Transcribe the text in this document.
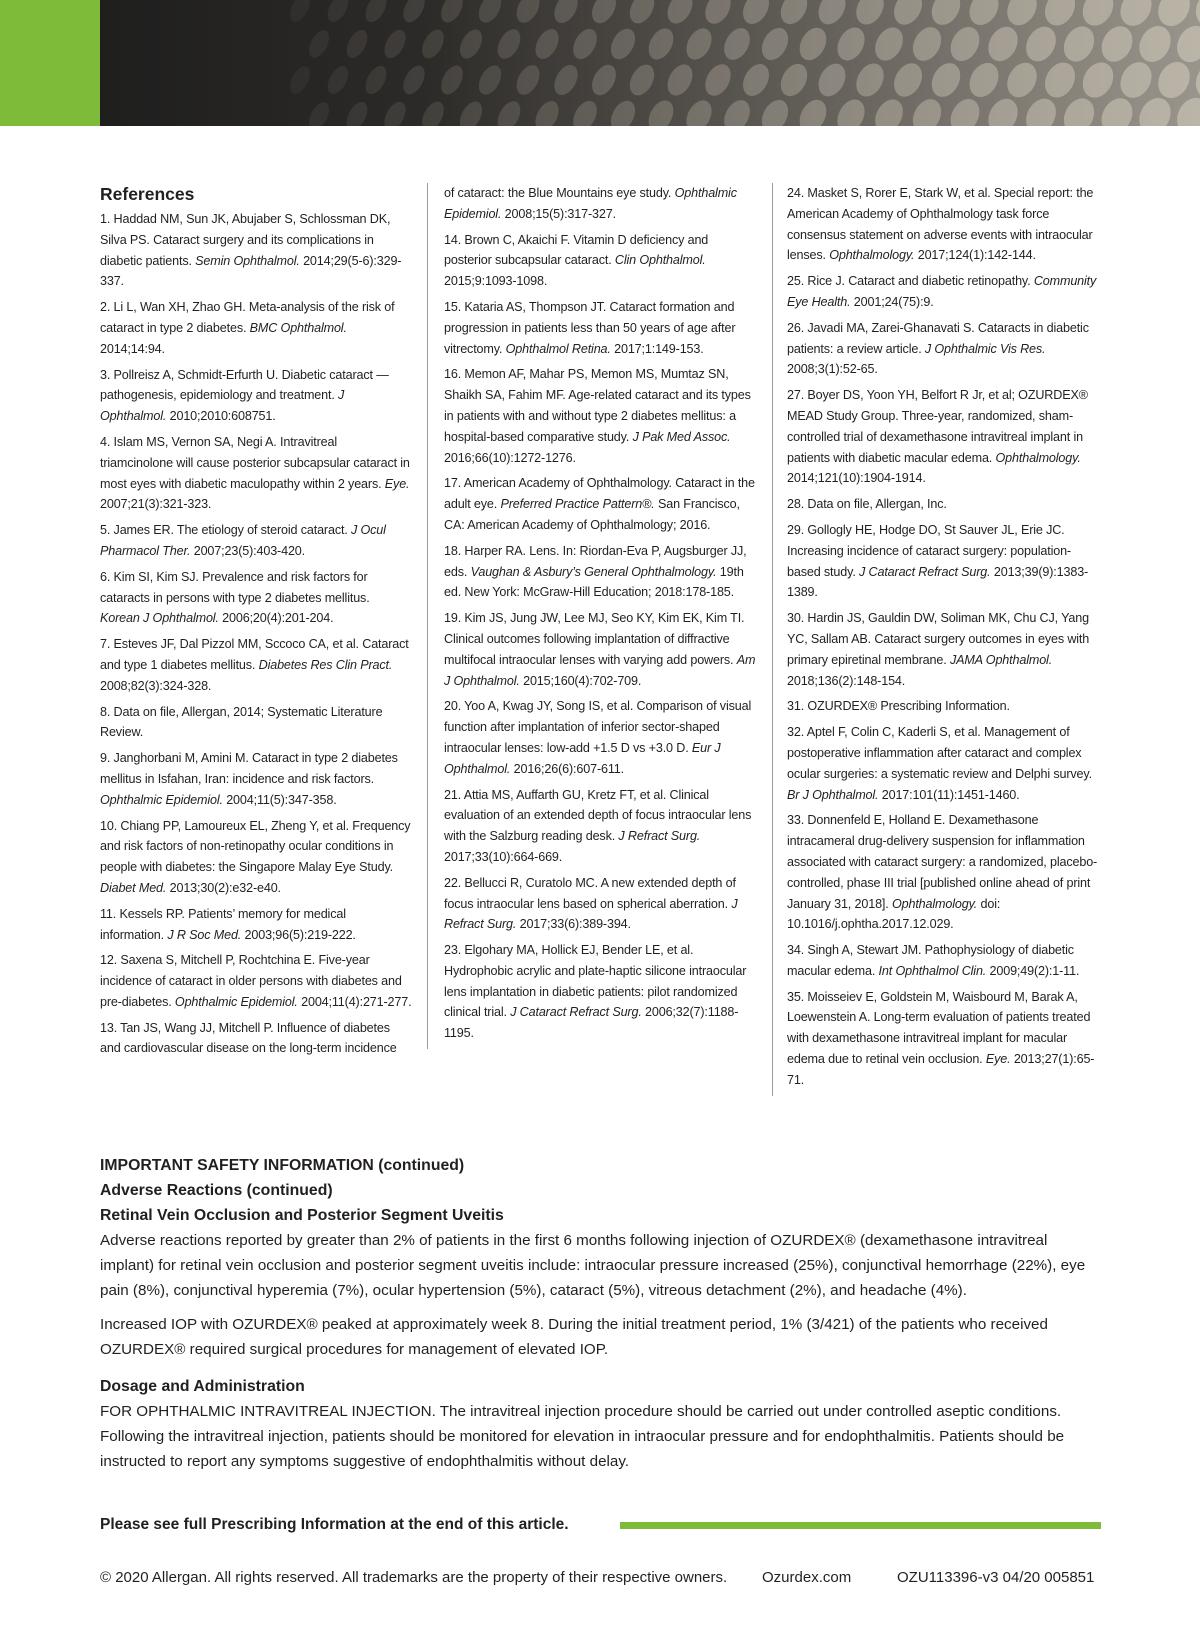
References

1. Haddad NM, Sun JK, Abujaber S, Schlossman DK, Silva PS. Cataract surgery and its complications in diabetic patients. Semin Ophthalmol. 2014;29(5-6):329-337.

2. Li L, Wan XH, Zhao GH. Meta-analysis of the risk of cataract in type 2 diabetes. BMC Ophthalmol. 2014;14:94.

3. Pollreisz A, Schmidt-Erfurth U. Diabetic cataract — pathogenesis, epidemiology and treatment. J Ophthalmol. 2010;2010:608751.

4. Islam MS, Vernon SA, Negi A. Intravitreal triamcinolone will cause posterior subcapsular cataract in most eyes with diabetic maculopathy within 2 years. Eye. 2007;21(3):321-323.

5. James ER. The etiology of steroid cataract. J Ocul Pharmacol Ther. 2007;23(5):403-420.

6. Kim SI, Kim SJ. Prevalence and risk factors for cataracts in persons with type 2 diabetes mellitus. Korean J Ophthalmol. 2006;20(4):201-204.

7. Esteves JF, Dal Pizzol MM, Sccoco CA, et al. Cataract and type 1 diabetes mellitus. Diabetes Res Clin Pract. 2008;82(3):324-328.

8. Data on file, Allergan, 2014; Systematic Literature Review.

9. Janghorbani M, Amini M. Cataract in type 2 diabetes mellitus in Isfahan, Iran: incidence and risk factors. Ophthalmic Epidemiol. 2004;11(5):347-358.

10. Chiang PP, Lamoureux EL, Zheng Y, et al. Frequency and risk factors of non-retinopathy ocular conditions in people with diabetes: the Singapore Malay Eye Study. Diabet Med. 2013;30(2):e32-e40.

11. Kessels RP. Patients’ memory for medical information. J R Soc Med. 2003;96(5):219-222.

12. Saxena S, Mitchell P, Rochtchina E. Five-year incidence of cataract in older persons with diabetes and pre-diabetes. Ophthalmic Epidemiol. 2004;11(4):271-277.

13. Tan JS, Wang JJ, Mitchell P. Influence of diabetes and cardiovascular disease on the long-term incidence

of cataract: the Blue Mountains eye study. Ophthalmic Epidemiol. 2008;15(5):317-327.

14. Brown C, Akaichi F. Vitamin D deficiency and posterior subcapsular cataract. Clin Ophthalmol. 2015;9:1093-1098.

15. Kataria AS, Thompson JT. Cataract formation and progression in patients less than 50 years of age after vitrectomy. Ophthalmol Retina. 2017;1:149-153.

16. Memon AF, Mahar PS, Memon MS, Mumtaz SN, Shaikh SA, Fahim MF. Age-related cataract and its types in patients with and without type 2 diabetes mellitus: a hospital-based comparative study. J Pak Med Assoc. 2016;66(10):1272-1276.

17. American Academy of Ophthalmology. Cataract in the adult eye. Preferred Practice Pattern®. San Francisco, CA: American Academy of Ophthalmology; 2016.

18. Harper RA. Lens. In: Riordan-Eva P, Augsburger JJ, eds. Vaughan & Asbury’s General Ophthalmology. 19th ed. New York: McGraw-Hill Education; 2018:178-185.

19. Kim JS, Jung JW, Lee MJ, Seo KY, Kim EK, Kim TI. Clinical outcomes following implantation of diffractive multifocal intraocular lenses with varying add powers. Am J Ophthalmol. 2015;160(4):702-709.

20. Yoo A, Kwag JY, Song IS, et al. Comparison of visual function after implantation of inferior sector-shaped intraocular lenses: low-add +1.5 D vs +3.0 D. Eur J Ophthalmol. 2016;26(6):607-611.

21. Attia MS, Auffarth GU, Kretz FT, et al. Clinical evaluation of an extended depth of focus intraocular lens with the Salzburg reading desk. J Refract Surg. 2017;33(10):664-669.

22. Bellucci R, Curatolo MC. A new extended depth of focus intraocular lens based on spherical aberration. J Refract Surg. 2017;33(6):389-394.

23. Elgohary MA, Hollick EJ, Bender LE, et al. Hydrophobic acrylic and plate-haptic silicone intraocular lens implantation in diabetic patients: pilot randomized clinical trial. J Cataract Refract Surg. 2006;32(7):1188-1195.

24. Masket S, Rorer E, Stark W, et al. Special report: the American Academy of Ophthalmology task force consensus statement on adverse events with intraocular lenses. Ophthalmology. 2017;124(1):142-144.

25. Rice J. Cataract and diabetic retinopathy. Community Eye Health. 2001;24(75):9.

26. Javadi MA, Zarei-Ghanavati S. Cataracts in diabetic patients: a review article. J Ophthalmic Vis Res. 2008;3(1):52-65.

27. Boyer DS, Yoon YH, Belfort R Jr, et al; OZURDEX® MEAD Study Group. Three-year, randomized, sham-controlled trial of dexamethasone intravitreal implant in patients with diabetic macular edema. Ophthalmology. 2014;121(10):1904-1914.

28. Data on file, Allergan, Inc.

29. Gollogly HE, Hodge DO, St Sauver JL, Erie JC. Increasing incidence of cataract surgery: population-based study. J Cataract Refract Surg. 2013;39(9):1383-1389.

30. Hardin JS, Gauldin DW, Soliman MK, Chu CJ, Yang YC, Sallam AB. Cataract surgery outcomes in eyes with primary epiretinal membrane. JAMA Ophthalmol. 2018;136(2):148-154.

31. OZURDEX® Prescribing Information.

32. Aptel F, Colin C, Kaderli S, et al. Management of postoperative inflammation after cataract and complex ocular surgeries: a systematic review and Delphi survey. Br J Ophthalmol. 2017:101(11):1451-1460.

33. Donnenfeld E, Holland E. Dexamethasone intracameral drug-delivery suspension for inflammation associated with cataract surgery: a randomized, placebo-controlled, phase III trial [published online ahead of print January 31, 2018]. Ophthalmology. doi: 10.1016/j.ophtha.2017.12.029.

34. Singh A, Stewart JM. Pathophysiology of diabetic macular edema. Int Ophthalmol Clin. 2009;49(2):1-11.

35. Moisseiev E, Goldstein M, Waisbourd M, Barak A, Loewenstein A. Long-term evaluation of patients treated with dexamethasone intravitreal implant for macular edema due to retinal vein occlusion. Eye. 2013;27(1):65-71.

IMPORTANT SAFETY INFORMATION (continued)
Adverse Reactions (continued)
Retinal Vein Occlusion and Posterior Segment Uveitis

Adverse reactions reported by greater than 2% of patients in the first 6 months following injection of OZURDEX® (dexamethasone intravitreal implant) for retinal vein occlusion and posterior segment uveitis include: intraocular pressure increased (25%), conjunctival hemorrhage (22%), eye pain (8%), conjunctival hyperemia (7%), ocular hypertension (5%), cataract (5%), vitreous detachment (2%), and headache (4%).

Increased IOP with OZURDEX® peaked at approximately week 8. During the initial treatment period, 1% (3/421) of the patients who received OZURDEX® required surgical procedures for management of elevated IOP.

Dosage and Administration

FOR OPHTHALMIC INTRAVITREAL INJECTION. The intravitreal injection procedure should be carried out under controlled aseptic conditions. Following the intravitreal injection, patients should be monitored for elevation in intraocular pressure and for endophthalmitis. Patients should be instructed to report any symptoms suggestive of endophthalmitis without delay.

Please see full Prescribing Information at the end of this article.
© 2020 Allergan. All rights reserved. All trademarks are the property of their respective owners. Ozurdex.com	OZU113396-v3 04/20 005851
